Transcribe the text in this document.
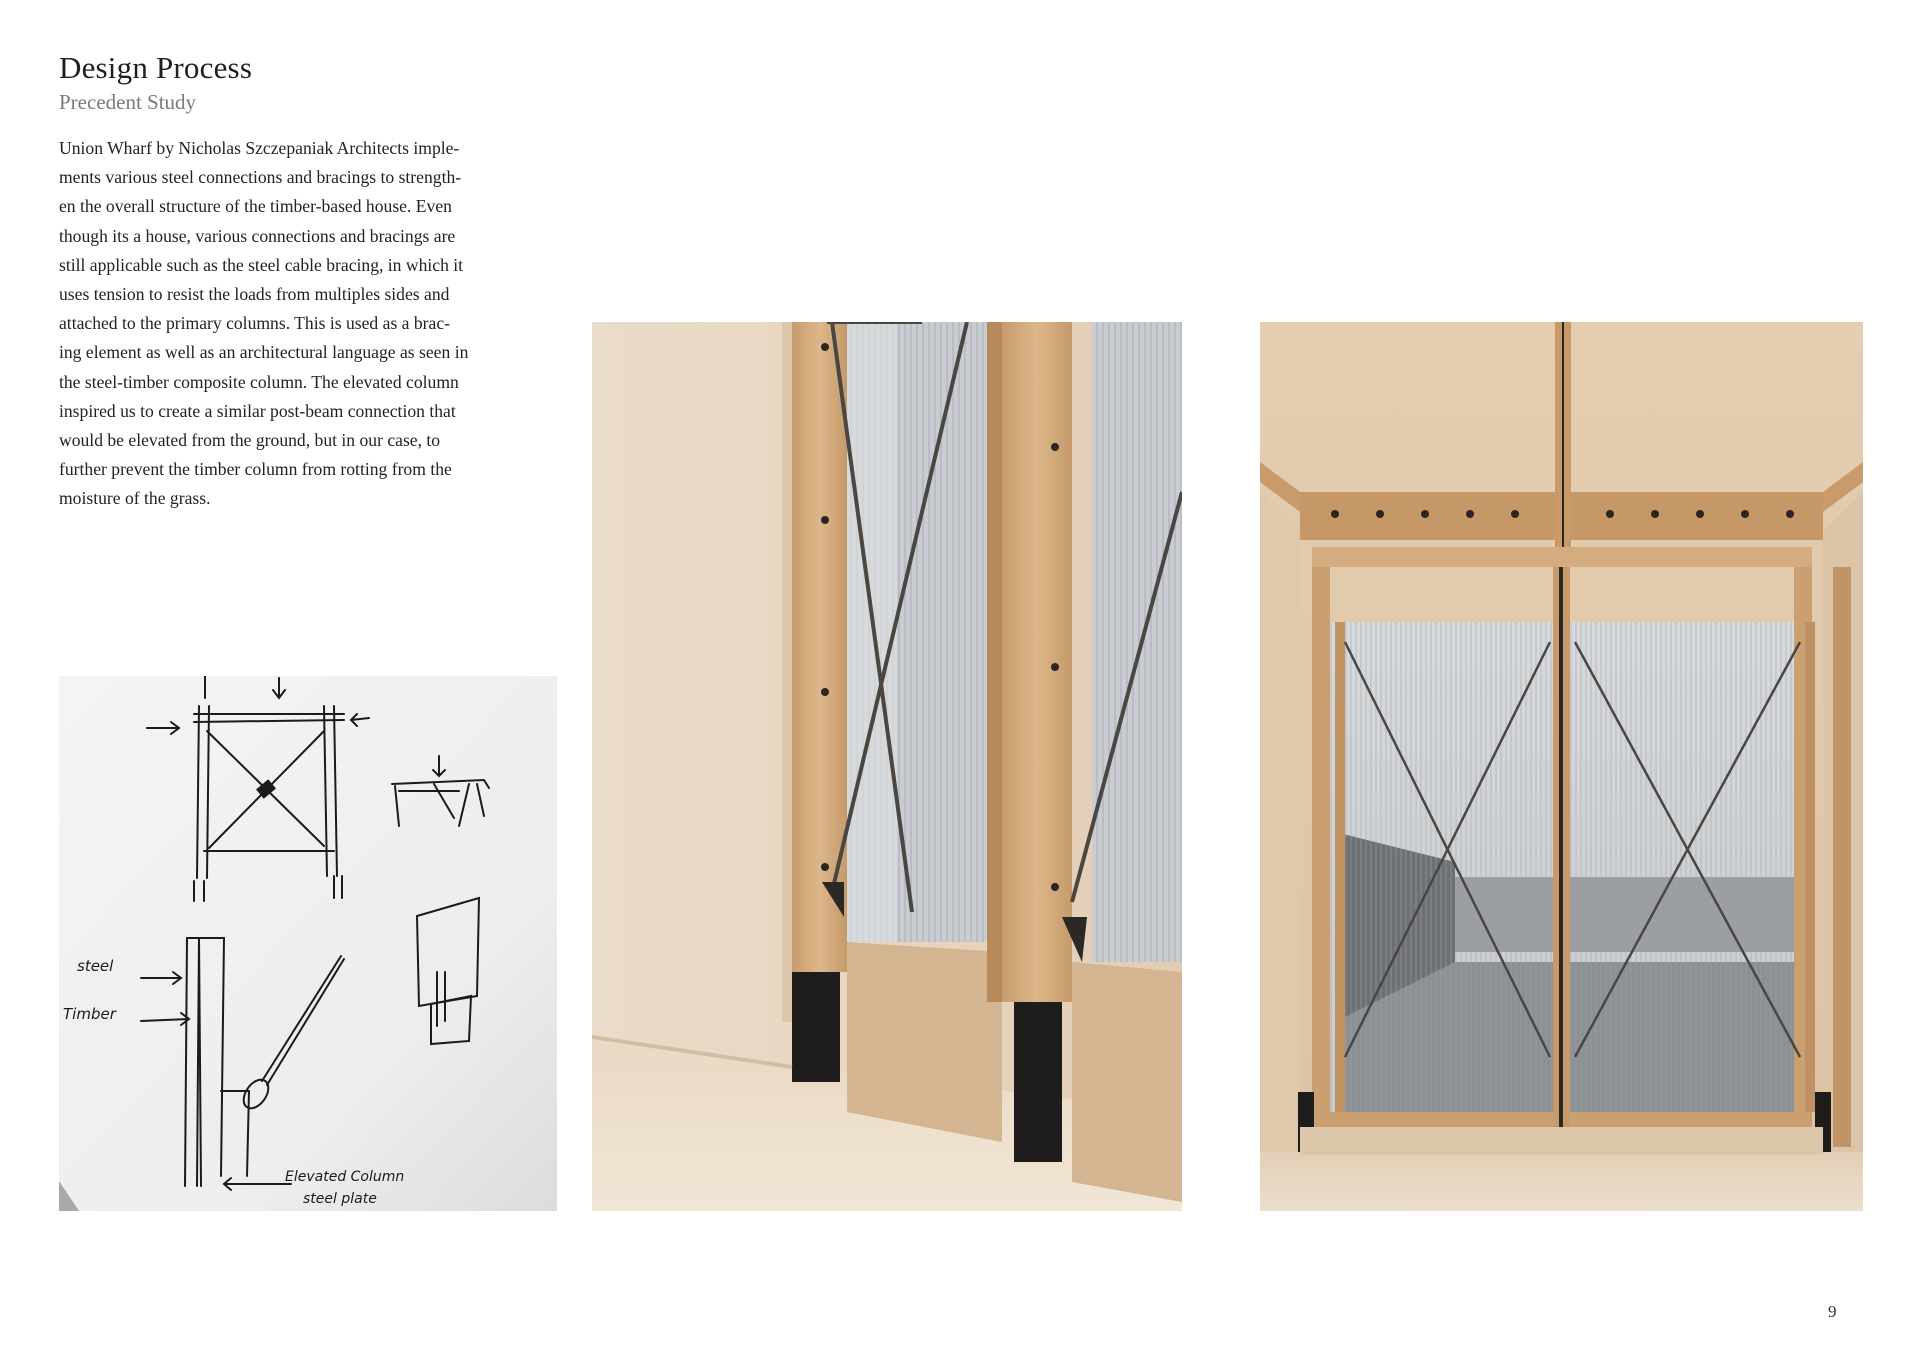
Design Process
Precedent Study
Union Wharf by Nicholas Szczepaniak Architects imple-
ments various steel connections and bracings to strength-
en the overall structure of the timber-based house. Even
though its a house, various connections and bracings are
still applicable such as the steel cable bracing, in which it
uses tension to resist the loads from multiples sides and
attached to the primary columns. This is used as a brac-
ing element as well as an architectural language as seen in
the steel-timber composite column. The elevated column
inspired us to create a similar post-beam connection that
would be elevated from the ground, but in our case, to
further prevent the timber column from rotting from the
moisture of the grass.
steel
Timber
Elevated Column
steel plate
9
